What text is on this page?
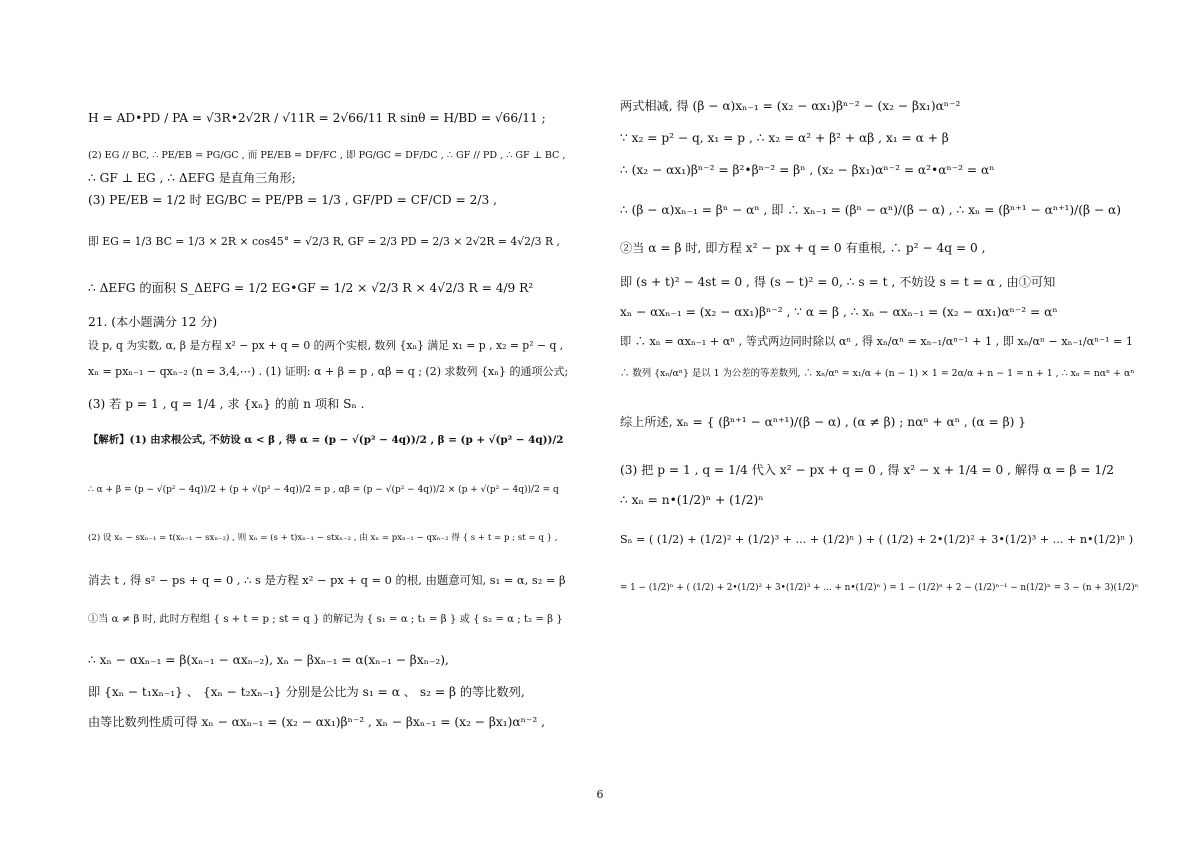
H = AD•PD / PA = √3R•2√2R / √11R = 2√66/11 R sinθ = H/BD = √66/11 ;
(2) EG // BC, ∴ PE/EB = PG/GC , 而 PE/EB = DF/FC , 即 PG/GC = DF/DC , ∴ GF // PD , ∴ GF ⊥ BC ,
∴ GF ⊥ EG , ∴ ΔEFG 是直角三角形;
(3) PE/EB = 1/2 时 EG/BC = PE/PB = 1/3 , GF/PD = CF/CD = 2/3 ,
即 EG = 1/3 BC = 1/3 × 2R × cos45° = √2/3 R, GF = 2/3 PD = 2/3 × 2√2R = 4√2/3 R ,
∴ ΔEFG 的面积 S_ΔEFG = 1/2 EG•GF = 1/2 × √2/3 R × 4√2/3 R = 4/9 R²
21. (本小题满分 12 分)
设 p, q 为实数, α, β 是方程 x² − px + q = 0 的两个实根, 数列 {xₙ} 满足 x₁ = p , x₂ = p² − q ,
xₙ = pxₙ₋₁ − qxₙ₋₂ (n = 3,4,⋯) . (1) 证明: α + β = p , αβ = q ; (2) 求数列 {xₙ} 的通项公式;
(3) 若 p = 1 , q = 1/4 , 求 {xₙ} 的前 n 项和 Sₙ .
【解析】(1) 由求根公式, 不妨设 α < β , 得 α = (p − √(p² − 4q))/2 , β = (p + √(p² − 4q))/2
∴ α + β = (p − √(p² − 4q))/2 + (p + √(p² − 4q))/2 = p , αβ = (p − √(p² − 4q))/2 × (p + √(p² − 4q))/2 = q
(2) 设 xₙ − sxₙ₋₁ = t(xₙ₋₁ − sxₙ₋₂) , 则 xₙ = (s + t)xₙ₋₁ − stxₙ₋₂ , 由 xₙ = pxₙ₋₁ − qxₙ₋₂ 得 { s + t = p ; st = q } ,
消去 t , 得 s² − ps + q = 0 , ∴ s 是方程 x² − px + q = 0 的根, 由题意可知, s₁ = α, s₂ = β
①当 α ≠ β 时, 此时方程组 { s + t = p ; st = q } 的解记为 { s₁ = α ; t₁ = β } 或 { s₂ = α ; t₂ = β }
∴ xₙ − αxₙ₋₁ = β(xₙ₋₁ − αxₙ₋₂), xₙ − βxₙ₋₁ = α(xₙ₋₁ − βxₙ₋₂),
即 {xₙ − t₁xₙ₋₁} 、 {xₙ − t₂xₙ₋₁} 分别是公比为 s₁ = α 、 s₂ = β 的等比数列,
由等比数列性质可得 xₙ − αxₙ₋₁ = (x₂ − αx₁)βⁿ⁻² , xₙ − βxₙ₋₁ = (x₂ − βx₁)αⁿ⁻² ,
两式相减, 得 (β − α)xₙ₋₁ = (x₂ − αx₁)βⁿ⁻² − (x₂ − βx₁)αⁿ⁻²
∵ x₂ = p² − q, x₁ = p , ∴ x₂ = α² + β² + αβ , x₁ = α + β
∴ (x₂ − αx₁)βⁿ⁻² = β²•βⁿ⁻² = βⁿ , (x₂ − βx₁)αⁿ⁻² = α²•αⁿ⁻² = αⁿ
∴ (β − α)xₙ₋₁ = βⁿ − αⁿ , 即 ∴ xₙ₋₁ = (βⁿ − αⁿ)/(β − α) , ∴ xₙ = (βⁿ⁺¹ − αⁿ⁺¹)/(β − α)
②当 α = β 时, 即方程 x² − px + q = 0 有重根, ∴ p² − 4q = 0 ,
即 (s + t)² − 4st = 0 , 得 (s − t)² = 0, ∴ s = t , 不妨设 s = t = α , 由①可知
xₙ − αxₙ₋₁ = (x₂ − αx₁)βⁿ⁻² , ∵ α = β , ∴ xₙ − αxₙ₋₁ = (x₂ − αx₁)αⁿ⁻² = αⁿ
即 ∴ xₙ = αxₙ₋₁ + αⁿ , 等式两边同时除以 αⁿ , 得 xₙ/αⁿ = xₙ₋₁/αⁿ⁻¹ + 1 , 即 xₙ/αⁿ − xₙ₋₁/αⁿ⁻¹ = 1
∴ 数列 {xₙ/αⁿ} 是以 1 为公差的等差数列, ∴ xₙ/αⁿ = x₁/α + (n − 1) × 1 = 2α/α + n − 1 = n + 1 , ∴ xₙ = nαⁿ + αⁿ
综上所述, xₙ = { (βⁿ⁺¹ − αⁿ⁺¹)/(β − α) , (α ≠ β) ; nαⁿ + αⁿ , (α = β) }
(3) 把 p = 1 , q = 1/4 代入 x² − px + q = 0 , 得 x² − x + 1/4 = 0 , 解得 α = β = 1/2
∴ xₙ = n•(1/2)ⁿ + (1/2)ⁿ
Sₙ = ( (1/2) + (1/2)² + (1/2)³ + ... + (1/2)ⁿ ) + ( (1/2) + 2•(1/2)² + 3•(1/2)³ + ... + n•(1/2)ⁿ )
= 1 − (1/2)ⁿ + ( (1/2) + 2•(1/2)² + 3•(1/2)³ + ... + n•(1/2)ⁿ ) = 1 − (1/2)ⁿ + 2 − (1/2)ⁿ⁻¹ − n(1/2)ⁿ = 3 − (n + 3)(1/2)ⁿ
6
